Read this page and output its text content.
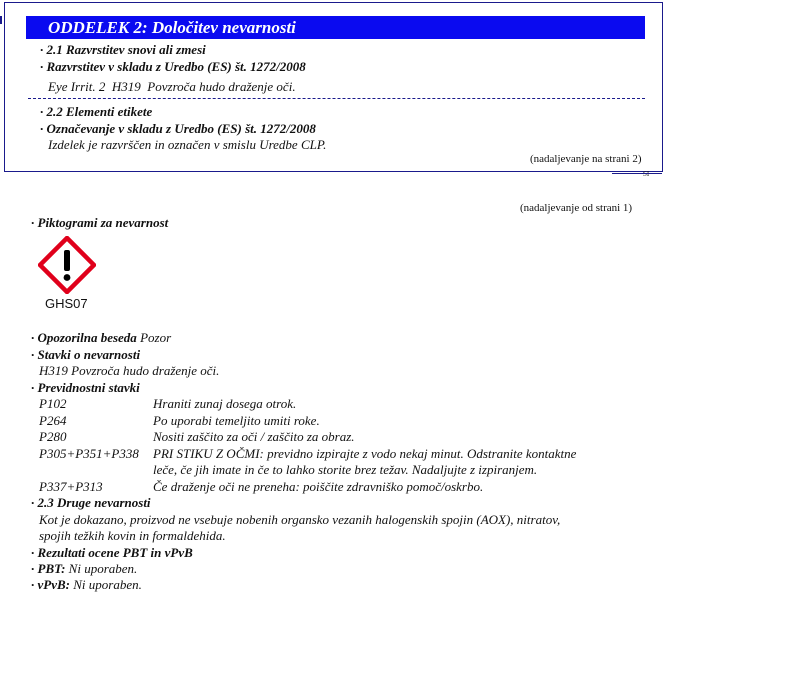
ODDELEK 2: Določitev nevarnosti
· 2.1 Razvrstitev snovi ali zmesi
· Razvrstitev v skladu z Uredbo (ES) št. 1272/2008
Eye Irrit. 2 H319 Povzroča hudo draženje oči.
· 2.2 Elementi etikete
· Označevanje v skladu z Uredbo (ES) št. 1272/2008
Izdelek je razvrščen in označen v smislu Uredbe CLP.
(nadaljevanje na strani 2)
SI
(nadaljevanje od strani 1)
· Piktogrami za nevarnost
GHS07
· Opozorilna beseda Pozor
· Stavki o nevarnosti
H319 Povzroča hudo draženje oči.
· Previdnostni stavki
P102	Hraniti zunaj dosega otrok.
P264	Po uporabi temeljito umiti roke.
P280	Nositi zaščito za oči / zaščito za obraz.
P305+P351+P338 PRI STIKU Z OČMI: previdno izpirajte z vodo nekaj minut. Odstranite kontaktne
leče, če jih imate in če to lahko storite brez težav. Nadaljujte z izpiranjem.
P337+P313	Če draženje oči ne preneha: poiščite zdravniško pomoč/oskrbo.
· 2.3 Druge nevarnosti
Kot je dokazano, proizvod ne vsebuje nobenih organsko vezanih halogenskih spojin (AOX), nitratov,
spojih težkih kovin in formaldehida.
· Rezultati ocene PBT in vPvB
· PBT: Ni uporaben.
· vPvB: Ni uporaben.
